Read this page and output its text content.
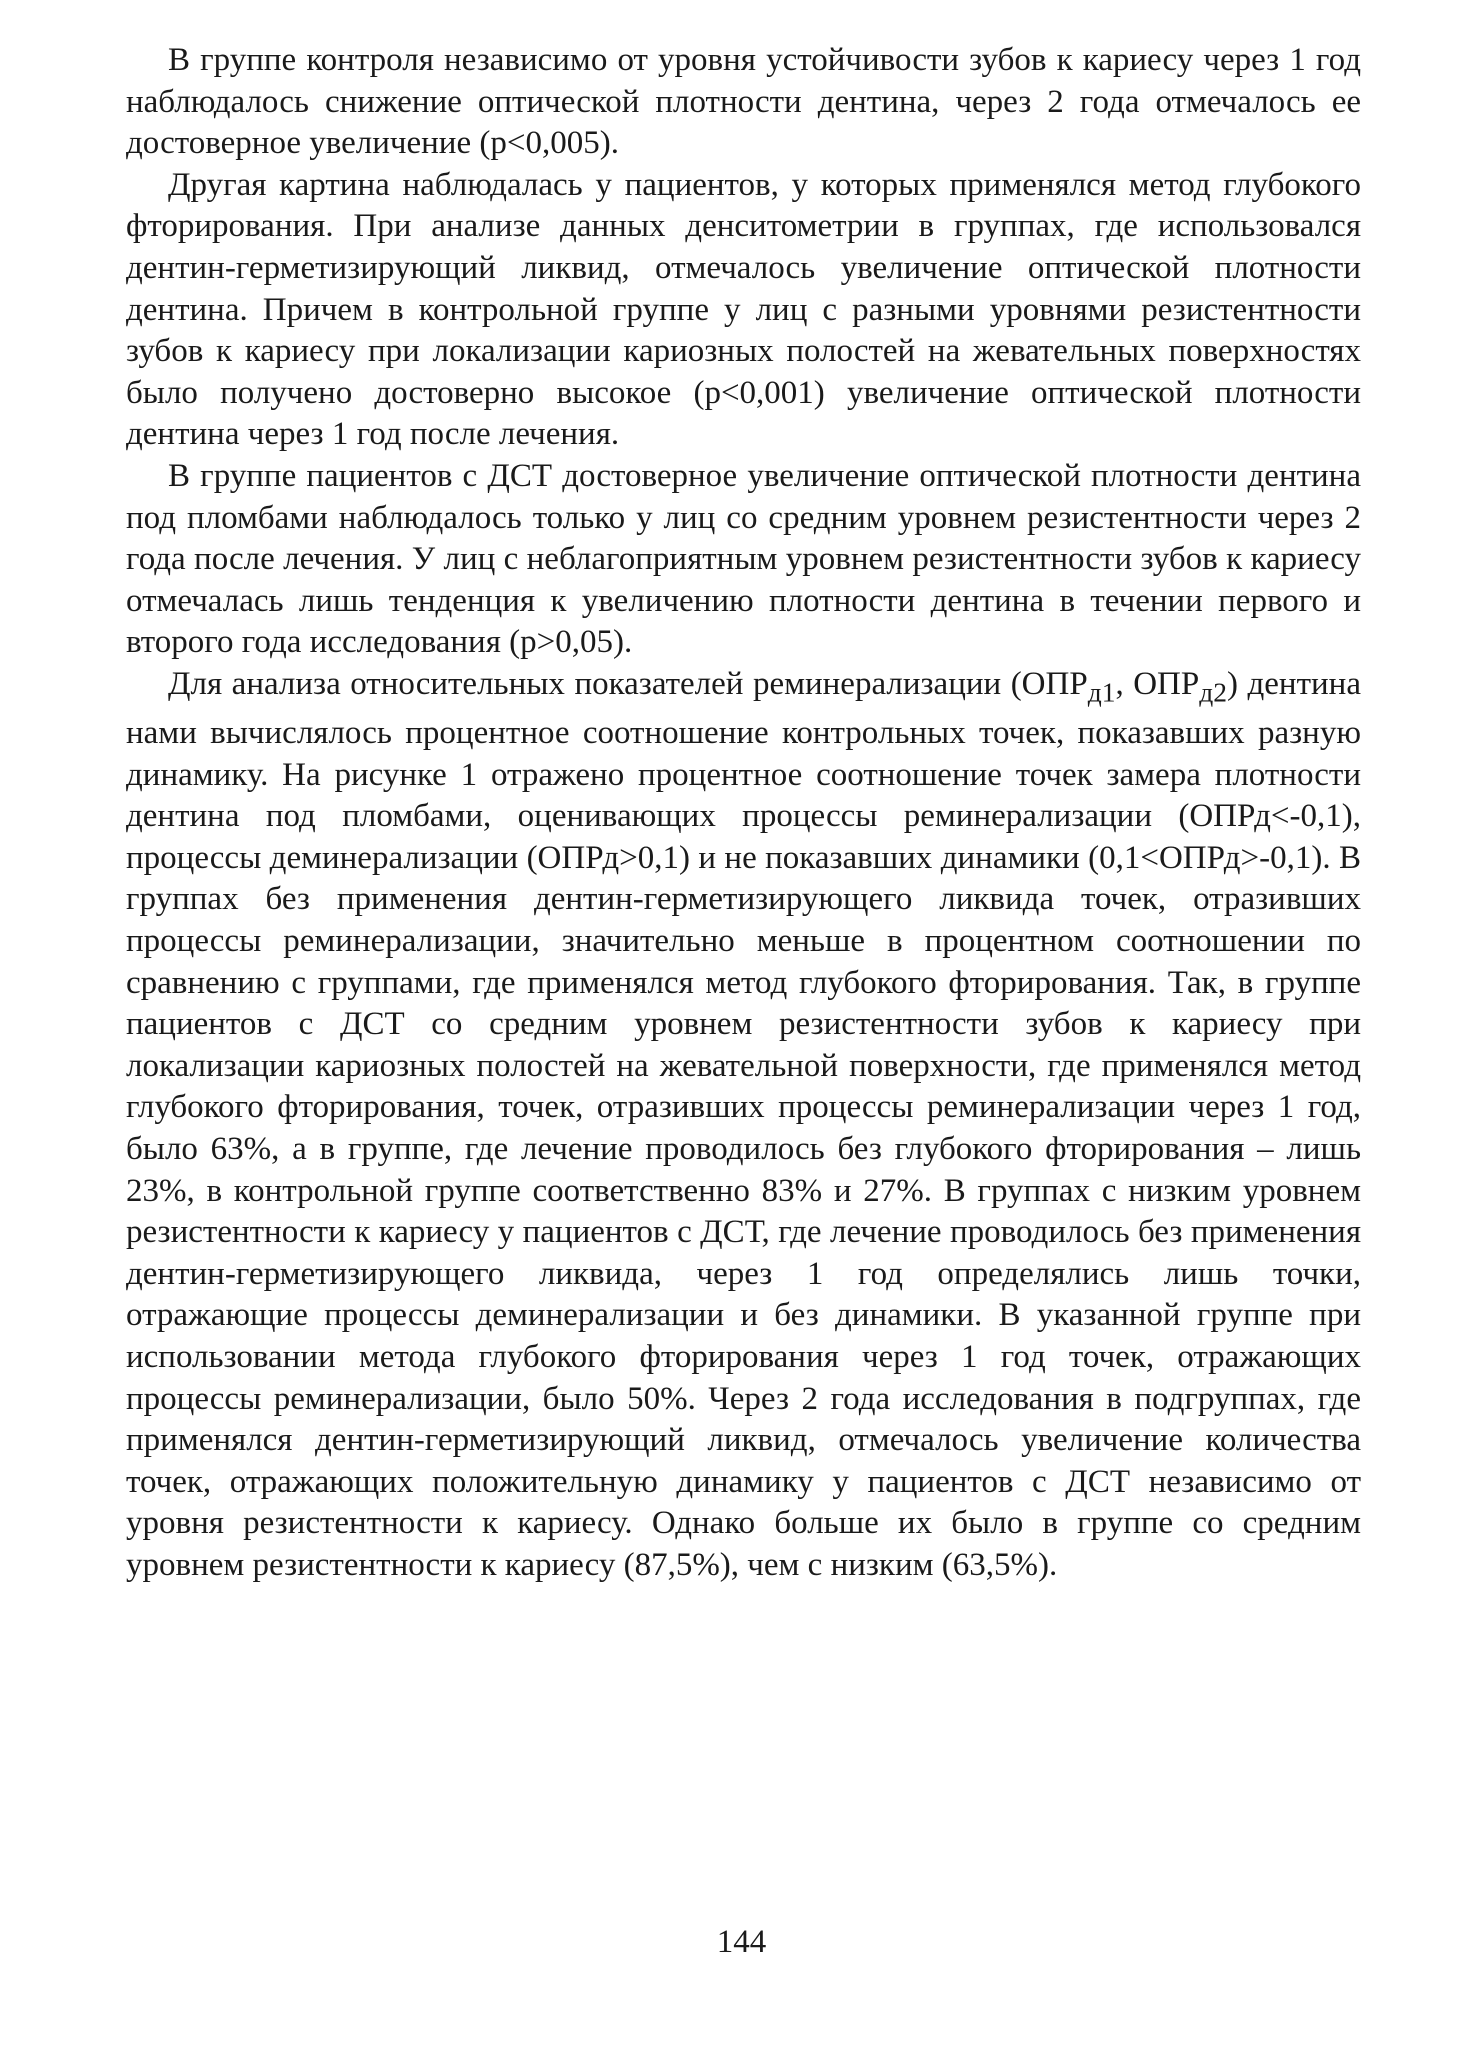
В группе контроля независимо от уровня устойчивости зубов к кариесу через 1 год наблюдалось снижение оптической плотности дентина, через 2 года отмечалось ее достоверное увеличение (p<0,005).

Другая картина наблюдалась у пациентов, у которых применялся метод глубокого фторирования. При анализе данных денситометрии в группах, где использовался дентин-герметизирующий ликвид, отмечалось увеличение оптической плотности дентина. Причем в контрольной группе у лиц с разными уровнями резистентности зубов к кариесу при локализации кариозных полостей на жевательных поверхностях было получено достоверно высокое (p<0,001) увеличение оптической плотности дентина через 1 год после лечения.

В группе пациентов с ДСТ достоверное увеличение оптической плотности дентина под пломбами наблюдалось только у лиц со средним уровнем резистентности через 2 года после лечения. У лиц с неблагоприятным уровнем резистентности зубов к кариесу отмечалась лишь тенденция к увеличению плотности дентина в течении первого и второго года исследования (p>0,05).

Для анализа относительных показателей реминерализации ($ОПР_{д1}$, $ОПР_{д2}$) дентина нами вычислялось процентное соотношение контрольных точек, показавших разную динамику. На рисунке 1 отражено процентное соотношение точек замера плотности дентина под пломбами, оценивающих процессы реминерализации (ОПРд<-0,1), процессы деминерализации (ОПРд>0,1) и не показавших динамики (0,1<ОПРд>-0,1). В группах без применения дентин-герметизирующего ликвида точек, отразивших процессы реминерализации, значительно меньше в процентном соотношении по сравнению с группами, где применялся метод глубокого фторирования. Так, в группе пациентов с ДСТ со средним уровнем резистентности зубов к кариесу при локализации кариозных полостей на жевательной поверхности, где применялся метод глубокого фторирования, точек, отразивших процессы реминерализации через 1 год, было 63%, а в группе, где лечение проводилось без глубокого фторирования – лишь 23%, в контрольной группе соответственно 83% и 27%. В группах с низким уровнем резистентности к кариесу у пациентов с ДСТ, где лечение проводилось без применения дентин-герметизирующего ликвида, через 1 год определялись лишь точки, отражающие процессы деминерализации и без динамики. В указанной группе при использовании метода глубокого фторирования через 1 год точек, отражающих процессы реминерализации, было 50%. Через 2 года исследования в подгруппах, где применялся дентин-герметизирующий ликвид, отмечалось увеличение количества точек, отражающих положительную динамику у пациентов с ДСТ независимо от уровня резистентности к кариесу. Однако больше их было в группе со средним уровнем резистентности к кариесу (87,5%), чем с низким (63,5%).

144
